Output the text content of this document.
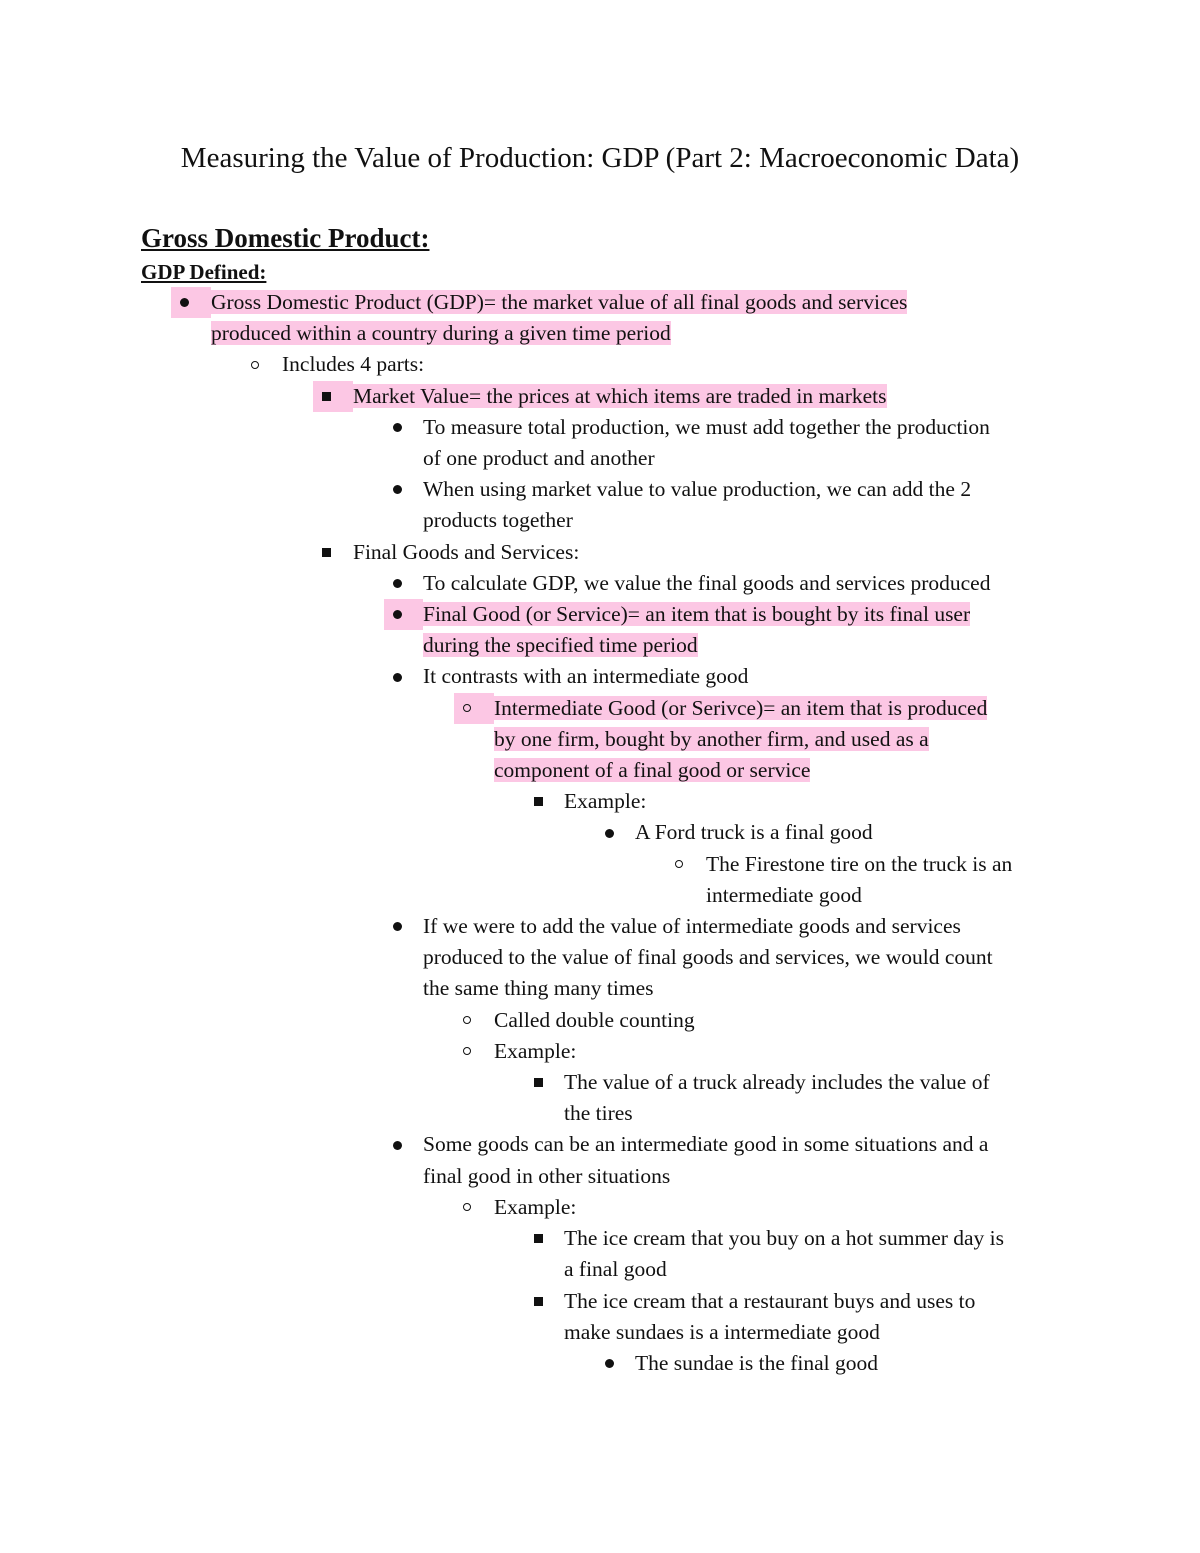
Measuring the Value of Production: GDP (Part 2: Macroeconomic Data)
Gross Domestic Product:
GDP Defined:
Gross Domestic Product (GDP)= the market value of all final goods and services
produced within a country during a given time period
Includes 4 parts:
Market Value= the prices at which items are traded in markets
To measure total production, we must add together the production
of one product and another
When using market value to value production, we can add the 2
products together
Final Goods and Services:
To calculate GDP, we value the final goods and services produced
Final Good (or Service)= an item that is bought by its final user
during the specified time period
It contrasts with an intermediate good
Intermediate Good (or Serivce)= an item that is produced
by one firm, bought by another firm, and used as a
component of a final good or service
Example:
A Ford truck is a final good
The Firestone tire on the truck is an
intermediate good
If we were to add the value of intermediate goods and services
produced to the value of final goods and services, we would count
the same thing many times
Called double counting
Example:
The value of a truck already includes the value of
the tires
Some goods can be an intermediate good in some situations and a
final good in other situations
Example:
The ice cream that you buy on a hot summer day is
a final good
The ice cream that a restaurant buys and uses to
make sundaes is a intermediate good
The sundae is the final good
